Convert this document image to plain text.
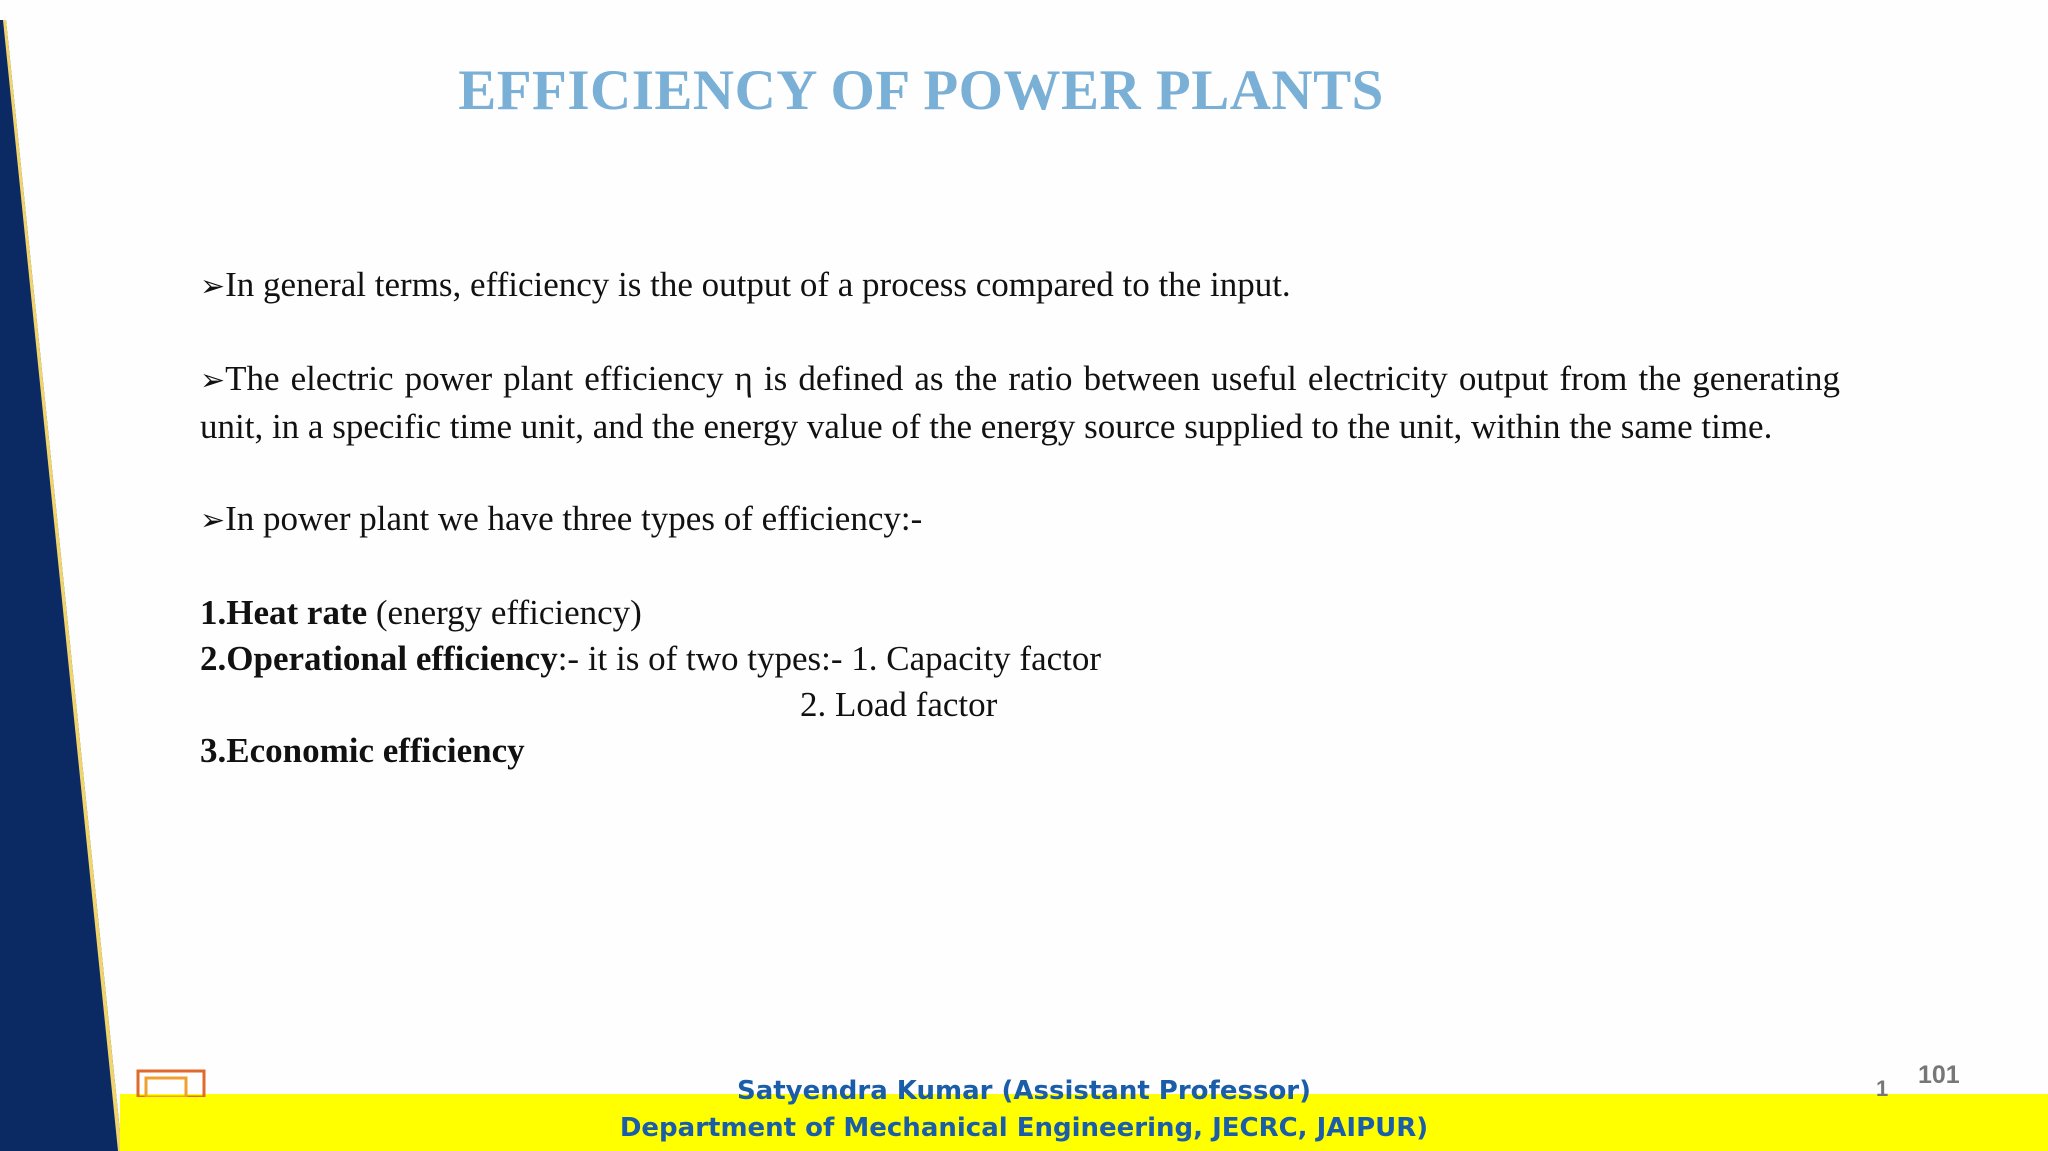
EFFICIENCY OF POWER PLANTS

➢In general terms, efficiency is the output of a process compared to the input.

➢The electric power plant efficiency η is defined as the ratio between useful electricity output from the generating unit, in a specific time unit, and the energy value of the energy source supplied to the unit, within the same time.

➢In power plant we have three types of efficiency:-

1.Heat rate (energy efficiency)

2.Operational efficiency:- it is of two types:- 1. Capacity factor

2. Load factor

3.Economic efficiency

Satyendra Kumar (Assistant Professor)
Department of Mechanical Engineering, JECRC, JAIPUR)
1 101
